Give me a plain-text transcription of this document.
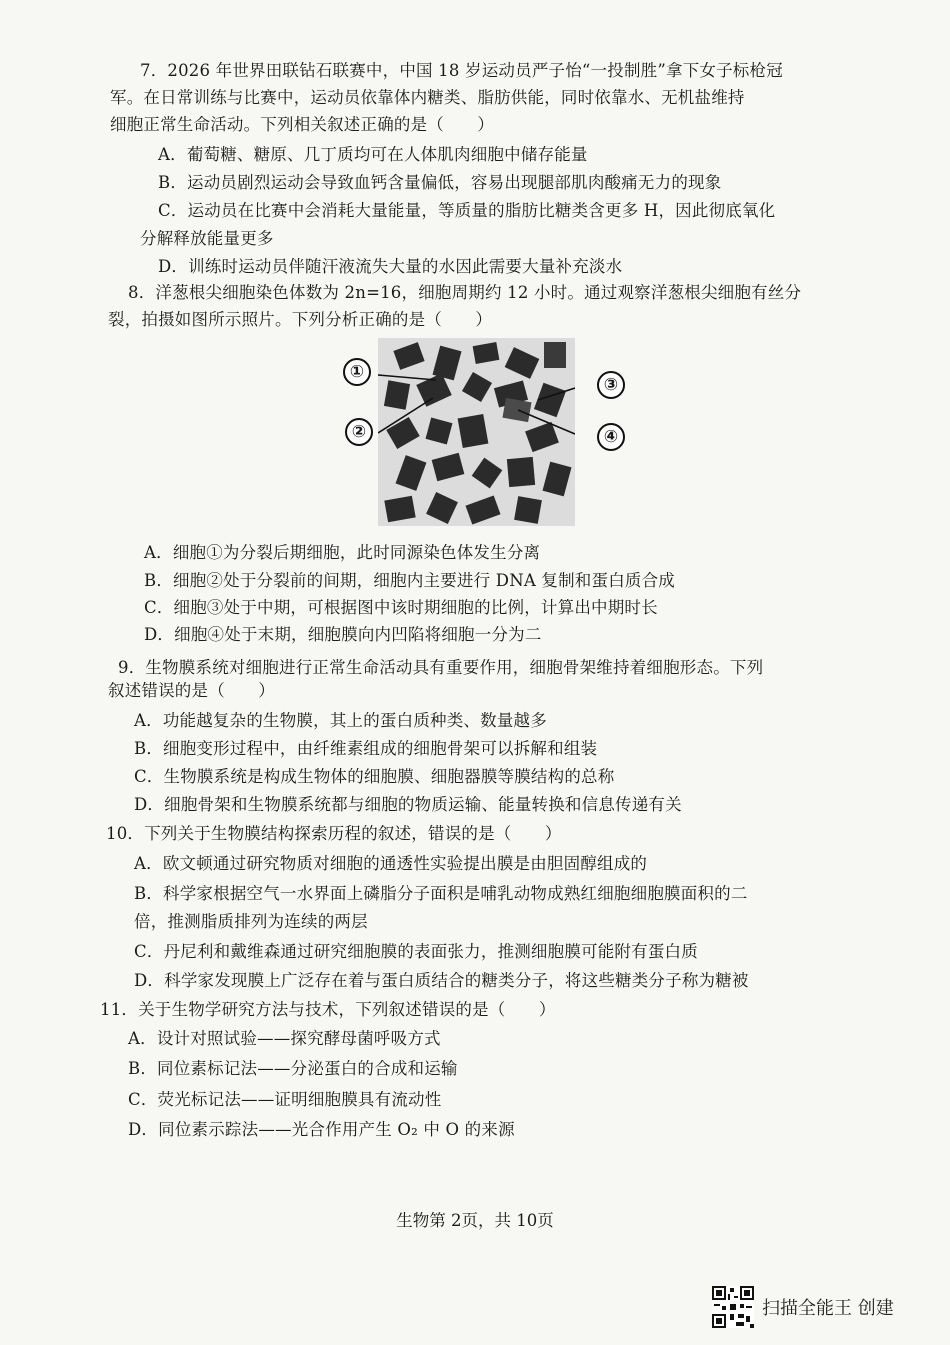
7．2026 年世界田联钻石联赛中，中国 18 岁运动员严子怡“一投制胜”拿下女子标枪冠
军。在日常训练与比赛中，运动员依靠体内糖类、脂肪供能，同时依靠水、无机盐维持
细胞正常生命活动。下列相关叙述正确的是（　　）
A．葡萄糖、糖原、几丁质均可在人体肌肉细胞中储存能量
B．运动员剧烈运动会导致血钙含量偏低，容易出现腿部肌肉酸痛无力的现象
C．运动员在比赛中会消耗大量能量，等质量的脂肪比糖类含更多 H，因此彻底氧化
分解释放能量更多
D．训练时运动员伴随汗液流失大量的水因此需要大量补充淡水
8．洋葱根尖细胞染色体数为 2n=16，细胞周期约 12 小时。通过观察洋葱根尖细胞有丝分
裂，拍摄如图所示照片。下列分析正确的是（　　）
①
②
③
④
A．细胞①为分裂后期细胞，此时同源染色体发生分离
B．细胞②处于分裂前的间期，细胞内主要进行 DNA 复制和蛋白质合成
C．细胞③处于中期，可根据图中该时期细胞的比例，计算出中期时长
D．细胞④处于末期，细胞膜向内凹陷将细胞一分为二
9．生物膜系统对细胞进行正常生命活动具有重要作用，细胞骨架维持着细胞形态。下列
叙述错误的是（　　）
A．功能越复杂的生物膜，其上的蛋白质种类、数量越多
B．细胞变形过程中，由纤维素组成的细胞骨架可以拆解和组装
C．生物膜系统是构成生物体的细胞膜、细胞器膜等膜结构的总称
D．细胞骨架和生物膜系统都与细胞的物质运输、能量转换和信息传递有关
10．下列关于生物膜结构探索历程的叙述，错误的是（　　）
A．欧文顿通过研究物质对细胞的通透性实验提出膜是由胆固醇组成的
B．科学家根据空气一水界面上磷脂分子面积是哺乳动物成熟红细胞细胞膜面积的二
倍，推测脂质排列为连续的两层
C．丹尼利和戴维森通过研究细胞膜的表面张力，推测细胞膜可能附有蛋白质
D．科学家发现膜上广泛存在着与蛋白质结合的糖类分子，将这些糖类分子称为糖被
11．关于生物学研究方法与技术，下列叙述错误的是（　　）
A．设计对照试验——探究酵母菌呼吸方式
B．同位素标记法——分泌蛋白的合成和运输
C．荧光标记法——证明细胞膜具有流动性
D．同位素示踪法——光合作用产生 O₂ 中 O 的来源
生物第 2页，共 10页
扫描全能王 创建
